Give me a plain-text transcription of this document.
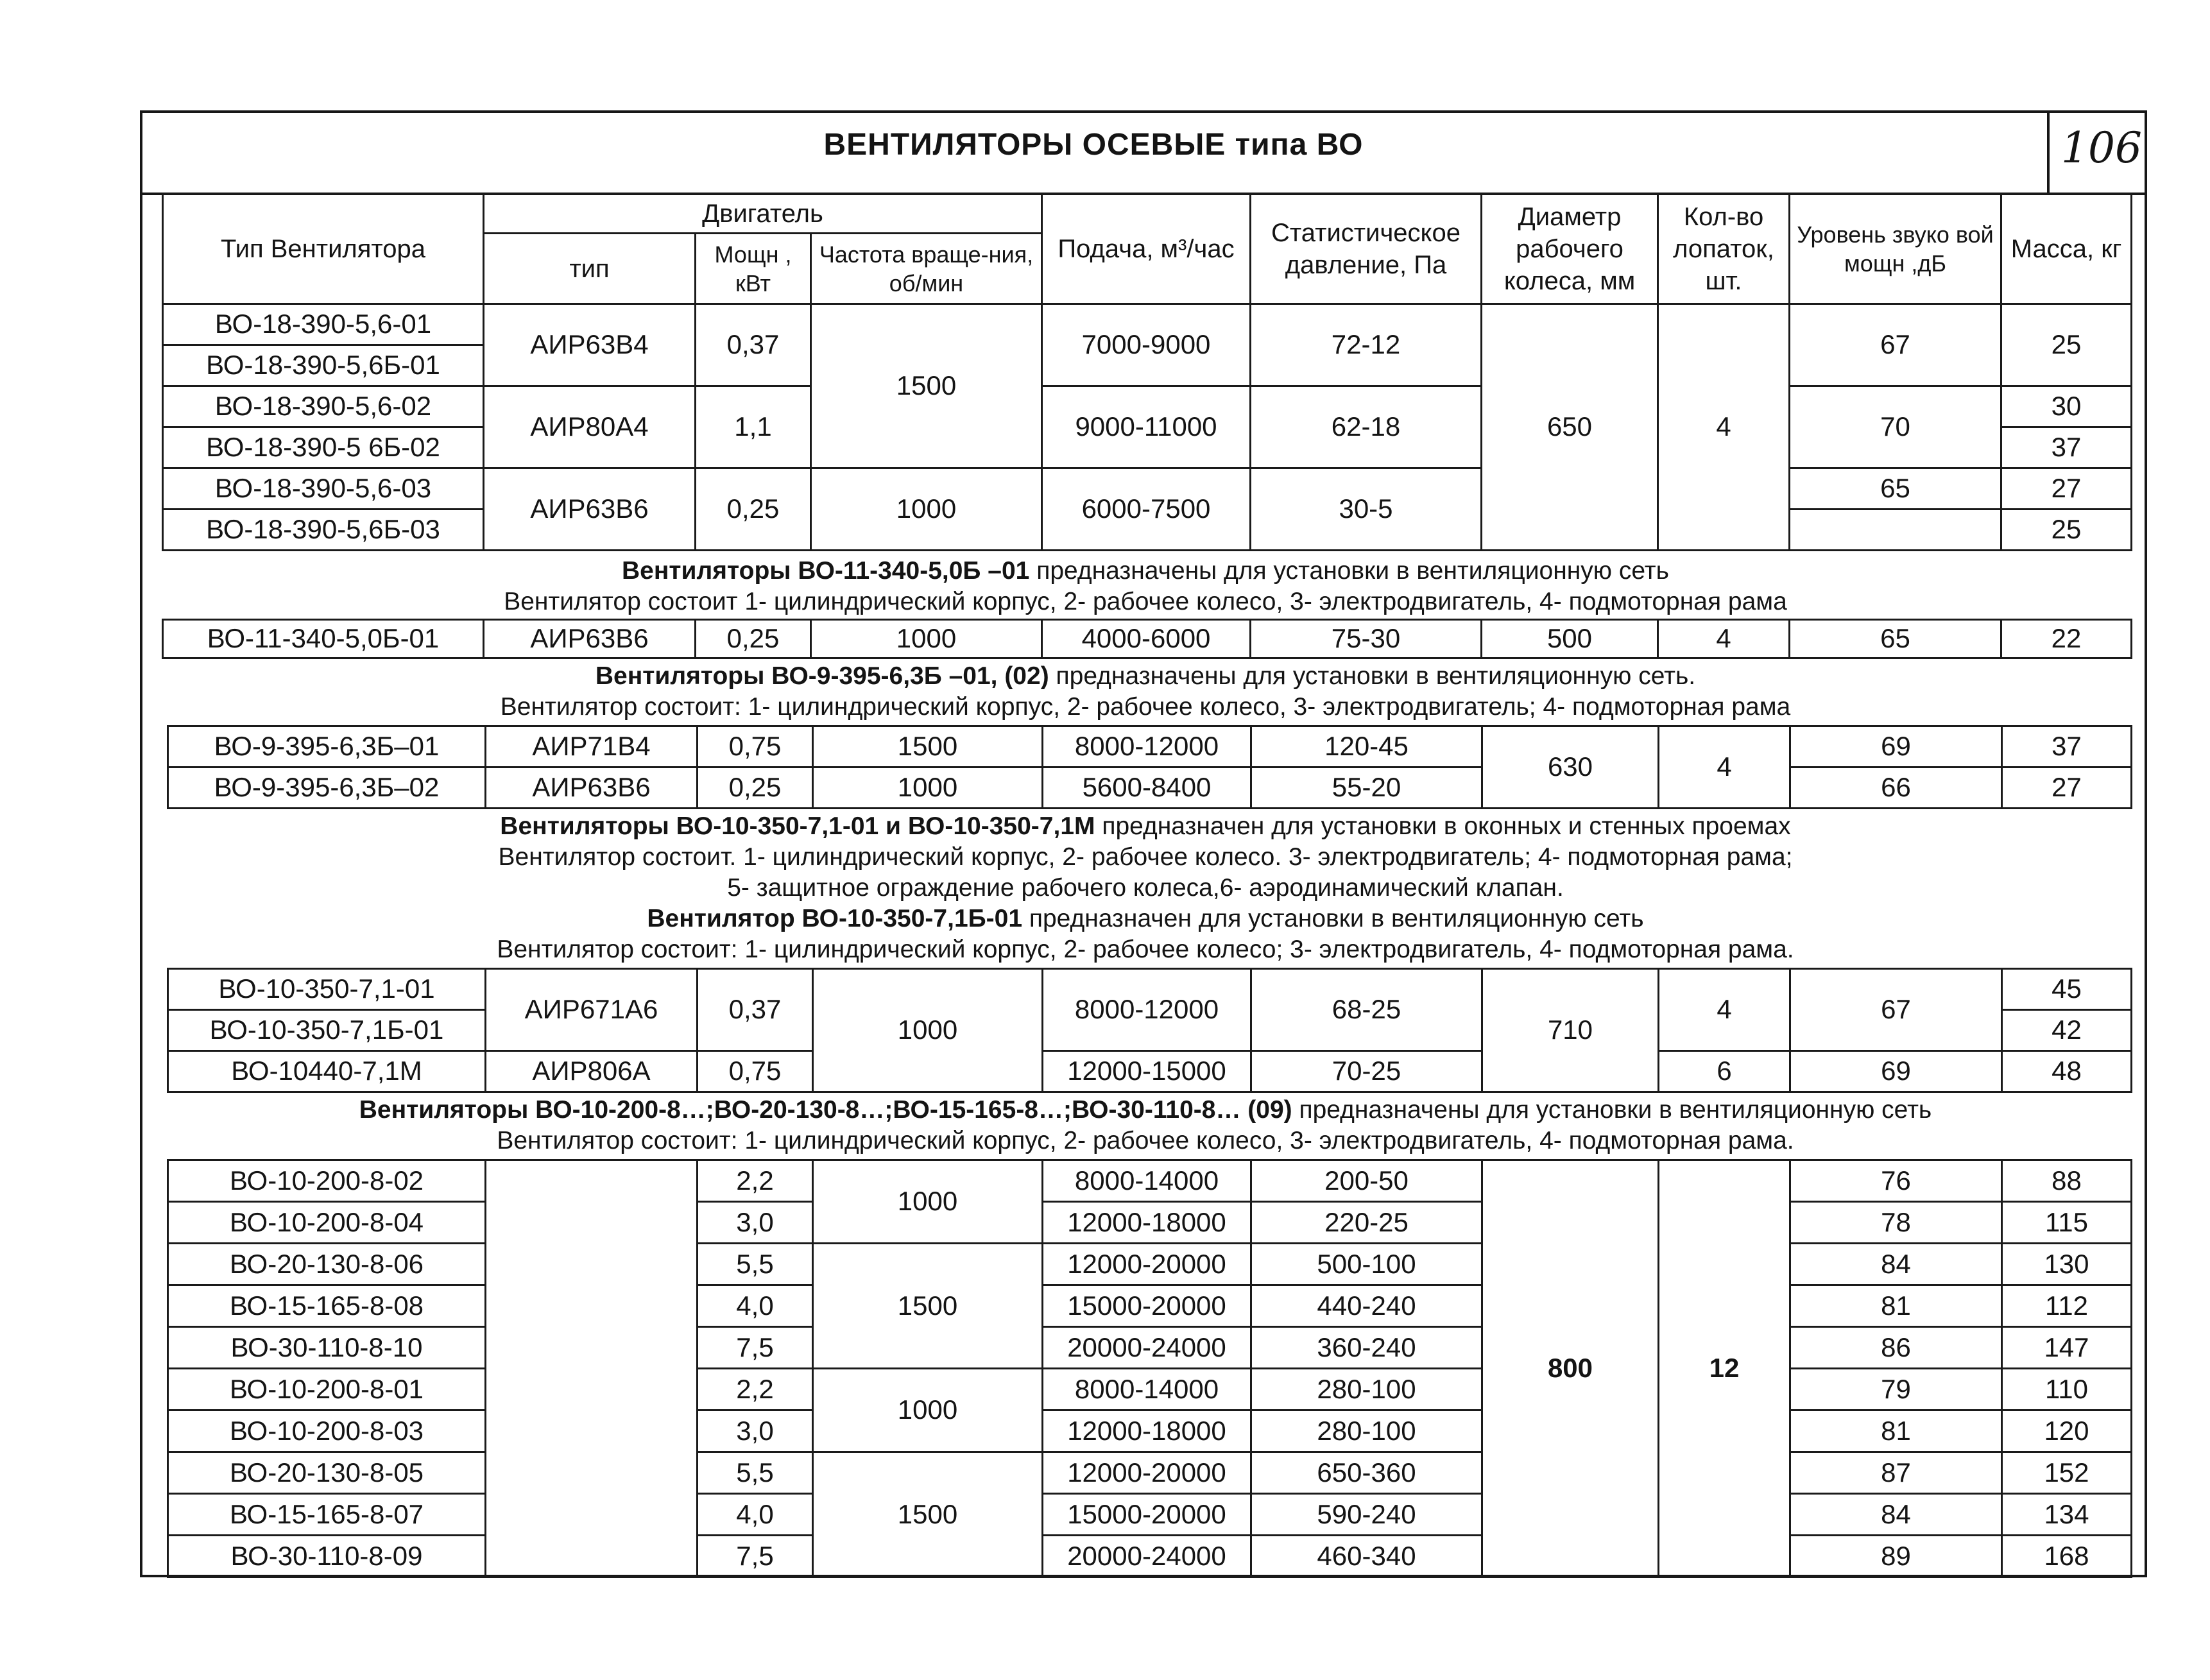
ВЕНТИЛЯТОРЫ ОСЕВЫЕ типа ВО	106
Тип Вентилятора	Двигатель			Подача, м³/час	Статистическое давление, Па	Диаметр рабочего колеса, мм	Кол-во лопаток, шт.	Уровень звуко вой мощн ,дБ	Масса, кг
	тип	Мощн , кВт	Частота враще-ния, об/мин						
ВО-18-390-5,6-01	АИР63В4	0,37	1500	7000-9000	72-12	650	4	67	25
ВО-18-390-5,6Б-01									
ВО-18-390-5,6-02	АИР80А4	1,1		9000-11000	62-18			70	30
ВО-18-390-5 6Б-02									37
ВО-18-390-5,6-03	АИР63В6	0,25	1000	6000-7500	30-5			65	27
ВО-18-390-5,6Б-03									25
Вентиляторы ВО-11-340-5,0Б –01 предназначены для установки в вентиляционную сеть
Вентилятор состоит 1- цилиндрический корпус, 2- рабочее колесо, 3- электродвигатель, 4- подмоторная рама
ВО-11-340-5,0Б-01	АИР63В6	0,25	1000	4000-6000	75-30	500	4	65	22
Вентиляторы ВО-9-395-6,3Б –01, (02) предназначены для установки в вентиляционную сеть.
Вентилятор состоит: 1- цилиндрический корпус, 2- рабочее колесо, 3- электродвигатель; 4- подмоторная рама
ВО-9-395-6,3Б–01	АИР71В4	0,75	1500	8000-12000	120-45	630	4	69	37
ВО-9-395-6,3Б–02	АИР63В6	0,25	1000	5600-8400	55-20			66	27
Вентиляторы ВО-10-350-7,1-01 и ВО-10-350-7,1М предназначен для установки в оконных и стенных проемах
Вентилятор состоит. 1- цилиндрический корпус, 2- рабочее колесо. 3- электродвигатель; 4- подмоторная рама;
5- защитное ограждение рабочего колеса,6- аэродинамический клапан.
Вентилятор ВО-10-350-7,1Б-01 предназначен для установки в вентиляционную сеть
Вентилятор состоит: 1- цилиндрический корпус, 2- рабочее колесо; 3- электродвигатель, 4- подмоторная рама.
ВО-10-350-7,1-01	АИР671А6	0,37	1000	8000-12000	68-25	710	4	67	45
ВО-10-350-7,1Б-01									42
ВО-10440-7,1М	АИР806А	0,75		12000-15000	70-25		6	69	48
Вентиляторы ВО-10-200-8…;ВО-20-130-8…;ВО-15-165-8…;ВО-30-110-8… (09) предназначены для установки в вентиляционную сеть
Вентилятор состоит: 1- цилиндрический корпус, 2- рабочее колесо, 3- электродвигатель, 4- подмоторная рама.
ВО-10-200-8-02		2,2	1000	8000-14000	200-50	800	12	76	88
ВО-10-200-8-04		3,0		12000-18000	220-25			78	115
ВО-20-130-8-06		5,5	1500	12000-20000	500-100			84	130
ВО-15-165-8-08		4,0		15000-20000	440-240			81	112
ВО-30-110-8-10		7,5		20000-24000	360-240			86	147
ВО-10-200-8-01		2,2	1000	8000-14000	280-100			79	110
ВО-10-200-8-03		3,0		12000-18000	280-100			81	120
ВО-20-130-8-05		5,5	1500	12000-20000	650-360			87	152
ВО-15-165-8-07		4,0		15000-20000	590-240			84	134
ВО-30-110-8-09		7,5		20000-24000	460-340			89	168
